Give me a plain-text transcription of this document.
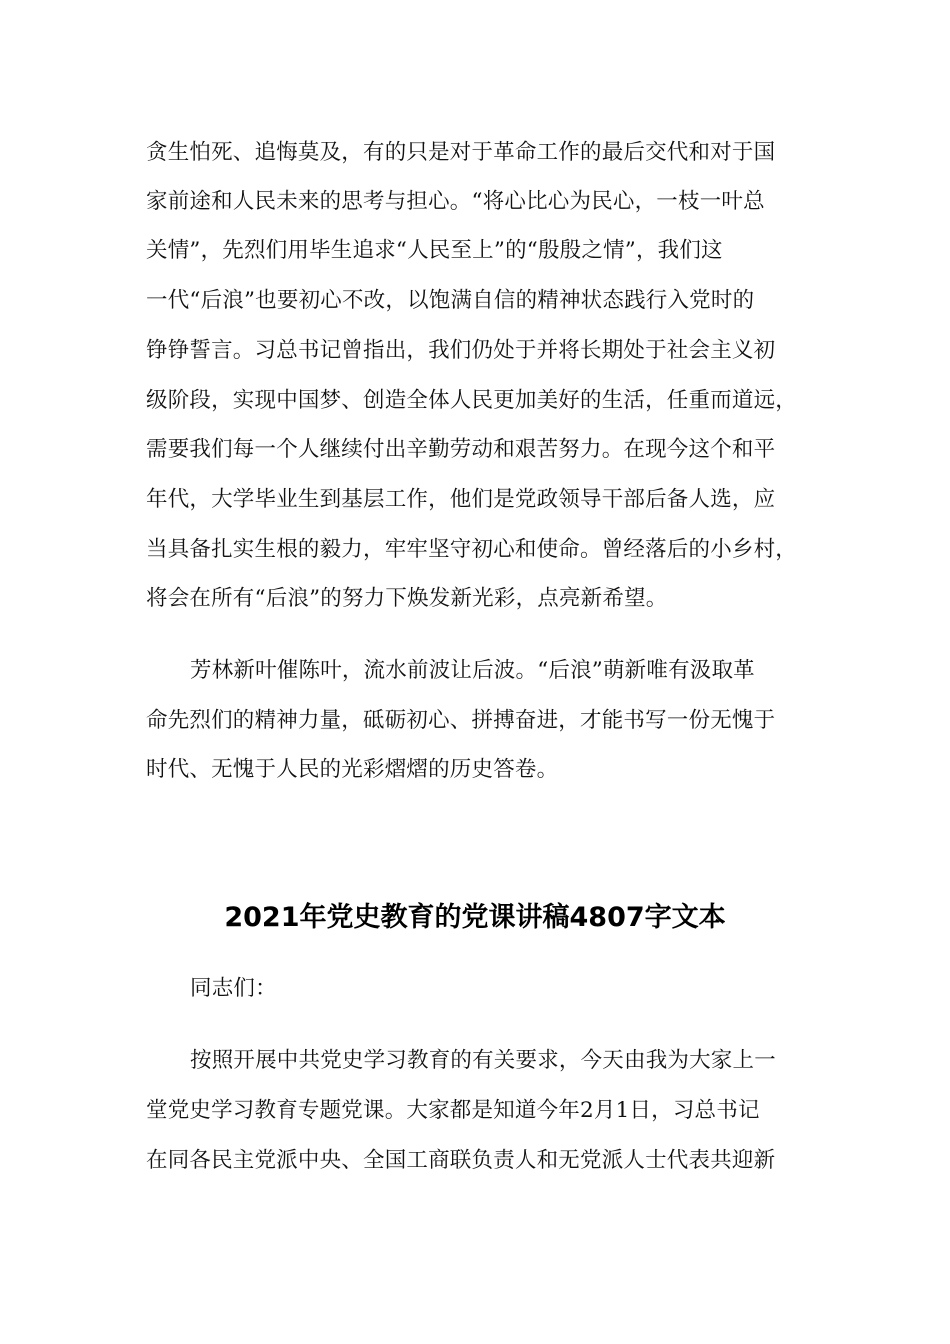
贪生怕死、追悔莫及，有的只是对于革命工作的最后交代和对于国
家前途和人民未来的思考与担心。“将心比心为民心，一枝一叶总
关情”，先烈们用毕生追求“人民至上”的“殷殷之情”，我们这
一代“后浪”也要初心不改，以饱满自信的精神状态践行入党时的
铮铮誓言。习总书记曾指出，我们仍处于并将长期处于社会主义初
级阶段，实现中国梦、创造全体人民更加美好的生活，任重而道远，
需要我们每一个人继续付出辛勤劳动和艰苦努力。在现今这个和平
年代，大学毕业生到基层工作，他们是党政领导干部后备人选，应
当具备扎实生根的毅力，牢牢坚守初心和使命。曾经落后的小乡村，
将会在所有“后浪”的努力下焕发新光彩，点亮新希望。
芳林新叶催陈叶，流水前波让后波。“后浪”萌新唯有汲取革
命先烈们的精神力量，砥砺初心、拼搏奋进，才能书写一份无愧于
时代、无愧于人民的光彩熠熠的历史答卷。
2021年党史教育的党课讲稿4807字文本
同志们：
按照开展中共党史学习教育的有关要求，今天由我为大家上一
堂党史学习教育专题党课。大家都是知道今年2月1日，习总书记
在同各民主党派中央、全国工商联负责人和无党派人士代表共迎新
